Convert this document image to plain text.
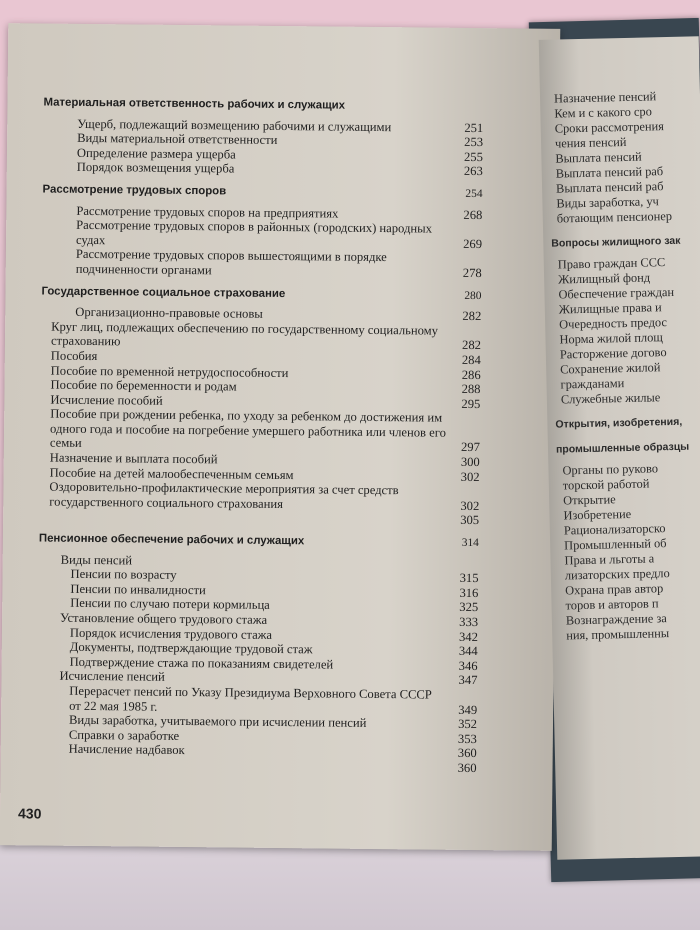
Материальная ответственность рабочих и служащих
Ущерб, подлежащий возмещению рабочими и служащими	251
Виды материальной ответственности	253
Определение размера ущерба	255
Порядок возмещения ущерба	263
Рассмотрение трудовых споров	254
Рассмотрение трудовых споров на предприятиях	268
Рассмотрение трудовых споров в районных (городских) народных судах	269
Рассмотрение трудовых споров вышестоящими в порядке подчиненности органами	278
Государственное социальное страхование	280
Организационно-правовые основы	282
Круг лиц, подлежащих обеспечению по государственному социальному страхованию	282
Пособия	284
Пособие по временной нетрудоспособности	286
Пособие по беременности и родам	288
Исчисление пособий	295
Пособие при рождении ребенка, по уходу за ребенком до достижения им одного года и пособие на погребение умершего работника или членов его семьи	297
Назначение и выплата пособий	300
Пособие на детей малообеспеченным семьям	302
Оздоровительно-профилактические мероприятия за счет средств государственного социального страхования	302
305
Пенсионное обеспечение рабочих и служащих	314
Виды пенсий
Пенсии по возрасту	315
Пенсии по инвалидности	316
Пенсии по случаю потери кормильца	325
Установление общего трудового стажа	333
Порядок исчисления трудового стажа	342
Документы, подтверждающие трудовой стаж	344
Подтверждение стажа по показаниям свидетелей	346
Исчисление пенсий	347
Перерасчет пенсий по Указу Президиума Верховного Совета СССР от 22 мая 1985 г.	349
Виды заработка, учитываемого при исчислении пенсий	352
Справки о заработке	353
Начисление надбавок	360
360
430
Назначение пенсий
Кем и с какого сро
Сроки рассмотрения
чения пенсий
Выплата пенсий
Выплата пенсий раб
Выплата пенсий раб
Виды заработка, уч
ботающим пенсионер
Вопросы жилищного зак
Право граждан ССС
Жилищный фонд
Обеспечение граждан
Жилищные права и
Очередность предос
Норма жилой площ
Расторжение догово
Сохранение жилой
гражданами
Служебные жилые
Открытия, изобретения,
промышленные образцы
Органы по руково
торской работой
Открытие
Изобретение
Рационализаторско
Промышленный об
Права и льготы а
лизаторских предло
Охрана прав автор
торов и авторов п
Вознаграждение за
ния, промышленны
